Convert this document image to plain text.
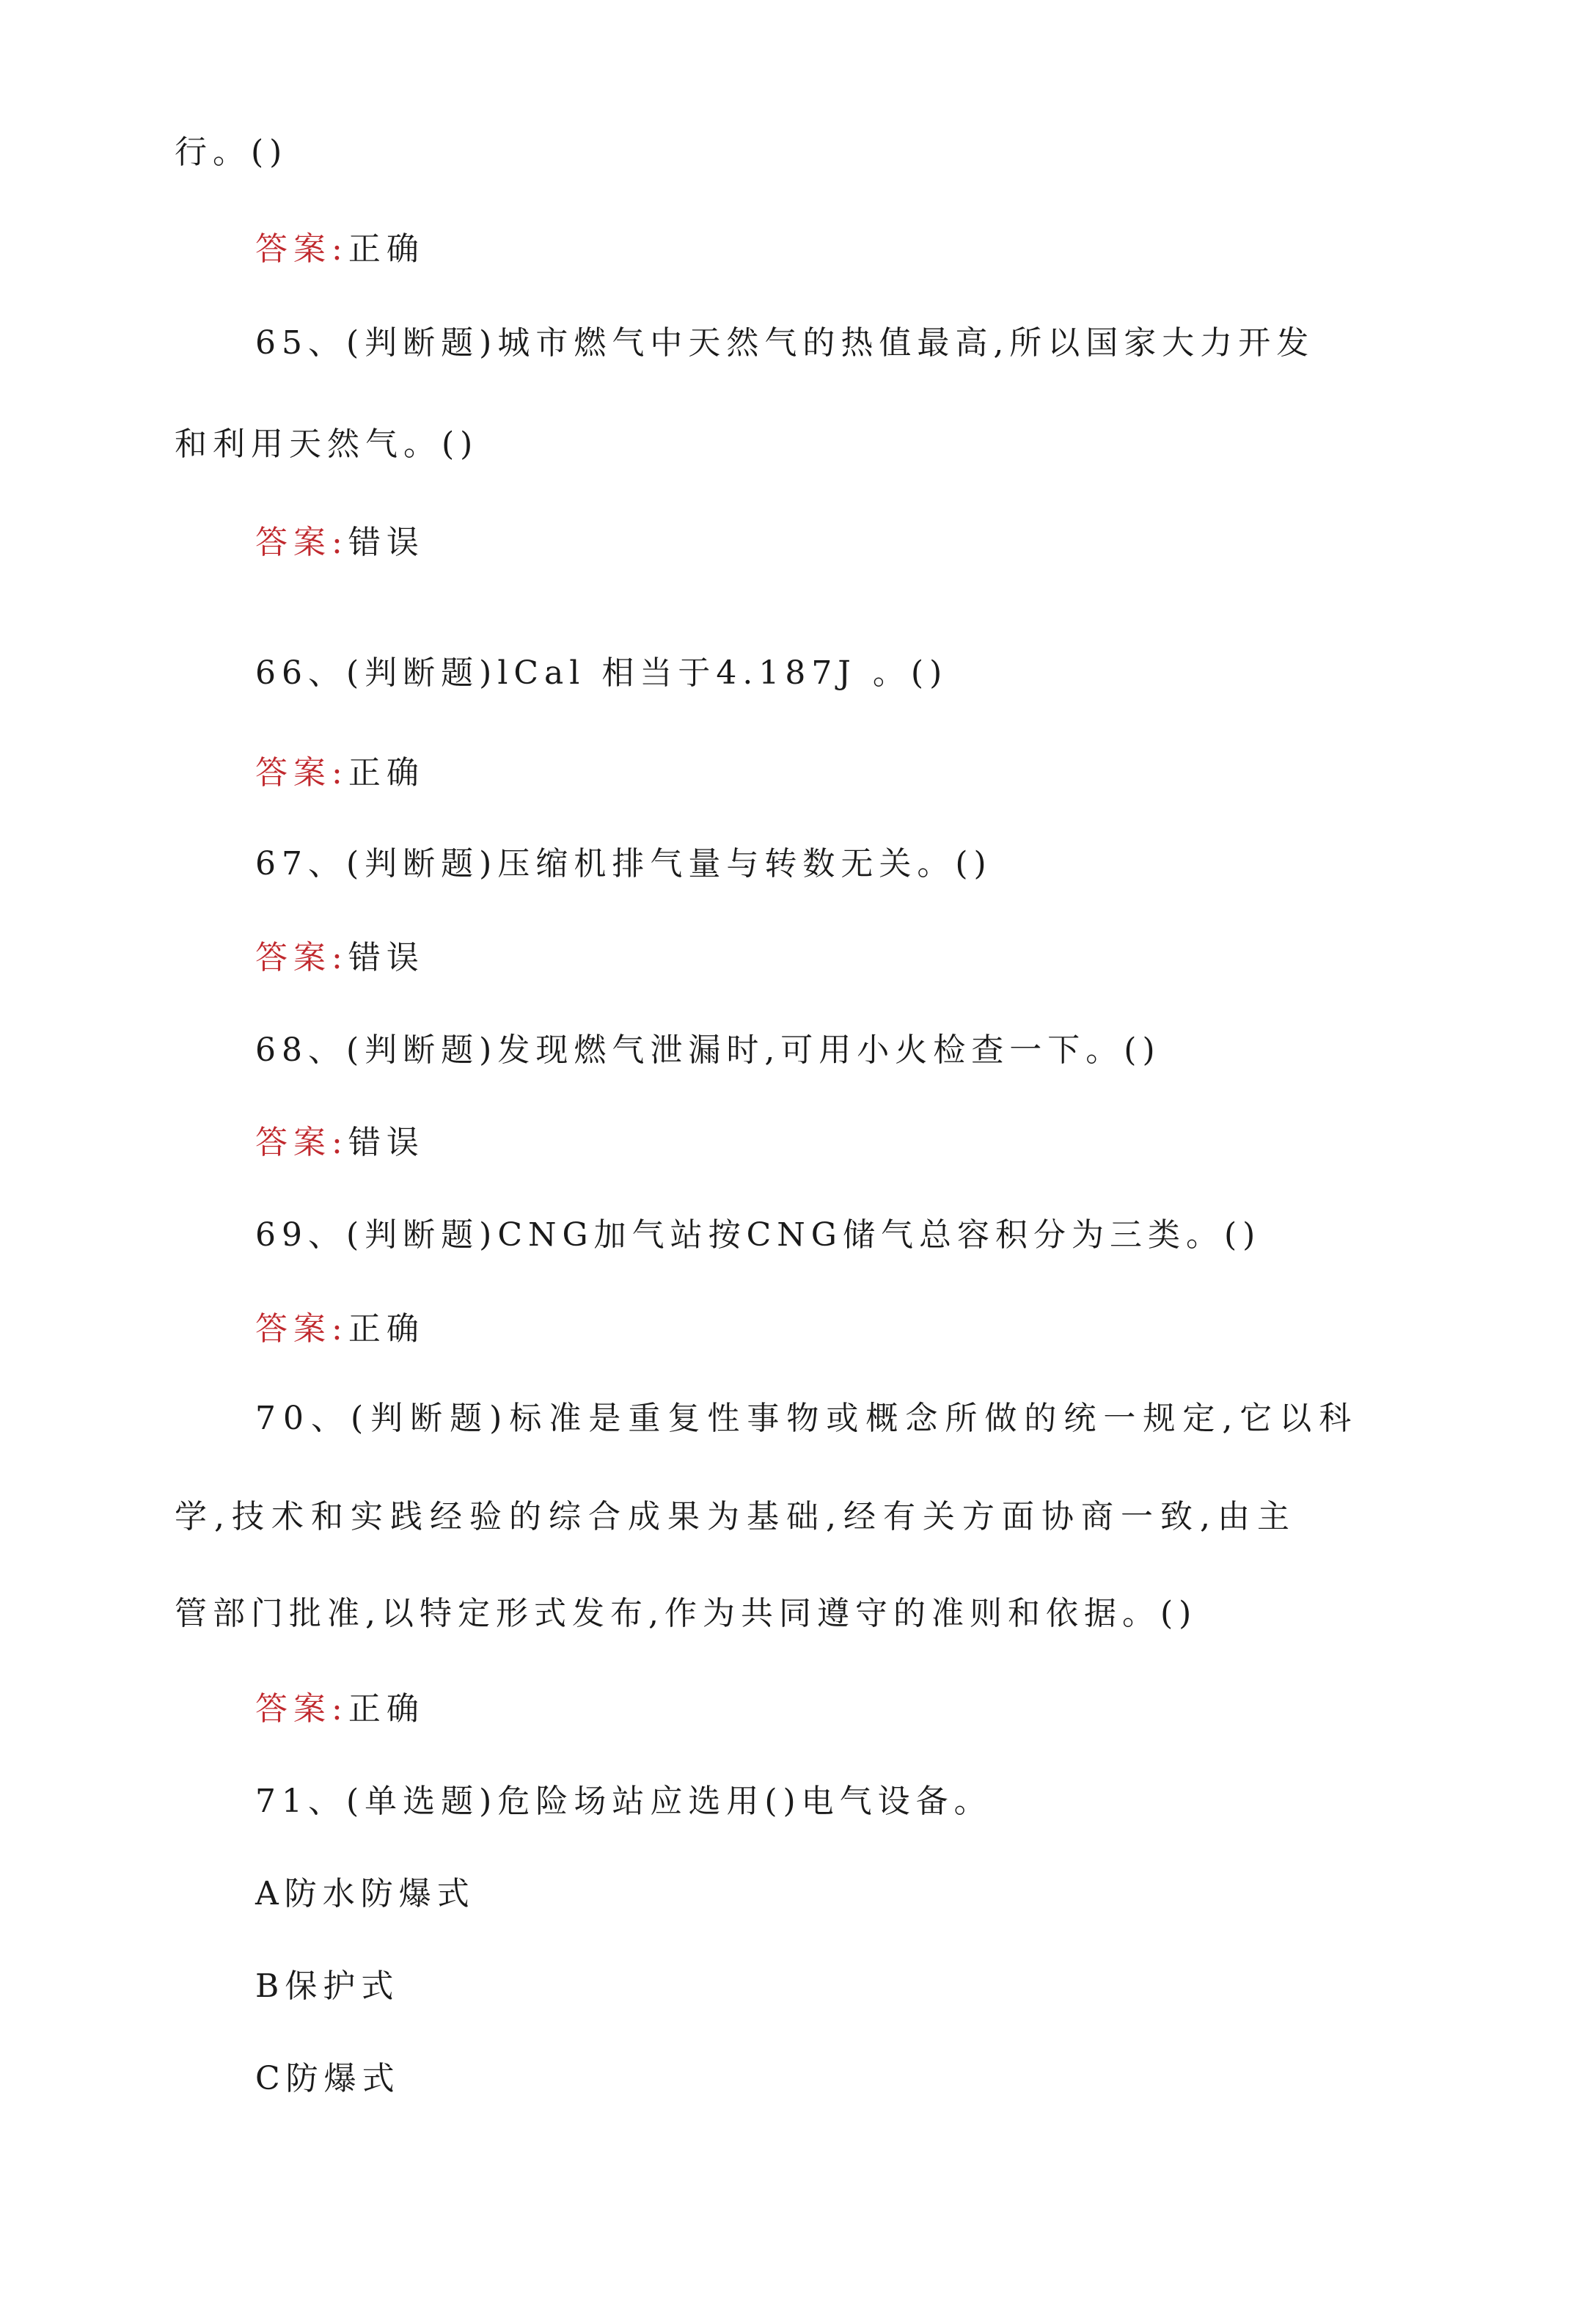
行。()
答案:正确
65、(判断题)城市燃气中天然气的热值最高,所以国家大力开发
和利用天然气。()
答案:错误
66、(判断题)lCal 相当于4.187J 。()
答案:正确
67、(判断题)压缩机排气量与转数无关。()
答案:错误
68、(判断题)发现燃气泄漏时,可用小火检查一下。()
答案:错误
69、(判断题)CNG加气站按CNG储气总容积分为三类。()
答案:正确
70、(判断题)标准是重复性事物或概念所做的统一规定,它以科
学,技术和实践经验的综合成果为基础,经有关方面协商一致,由主
管部门批准,以特定形式发布,作为共同遵守的准则和依据。()
答案:正确
71、(单选题)危险场站应选用()电气设备。
A防水防爆式
B保护式
C防爆式
